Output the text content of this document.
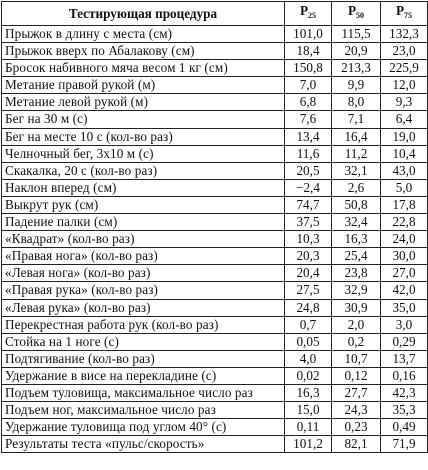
Тестирующая процедура	$P_{25}$	$P_{50}$	$P_{75}$
Прыжок в длину с места (см)	101,0	115,5	132,3
Прыжок вверх по Абалакову (см)	18,4	20,9	23,0
Бросок набивного мяча весом 1 кг (см)	150,8	213,3	225,9
Метание правой рукой (м)	7,0	9,9	12,0
Метание левой рукой (м)	6,8	8,0	9,3
Бег на 30 м (с)	7,6	7,1	6,4
Бег на месте 10 с (кол-во раз)	13,4	16,4	19,0
Челночный бег, 3x10 м (с)	11,6	11,2	10,4
Скакалка, 20 с (кол-во раз)	20,5	32,1	43,0
Наклон вперед (см)	−2,4	2,6	5,0
Выкрут рук (см)	74,7	50,8	17,8
Падение палки (см)	37,5	32,4	22,8
«Квадрат» (кол-во раз)	10,3	16,3	24,0
«Правая нога» (кол-во раз)	20,3	25,4	30,0
«Левая нога» (кол-во раз)	20,4	23,8	27,0
«Правая рука» (кол-во раз)	27,5	32,9	42,0
«Левая рука» (кол-во раз)	24,8	30,9	35,0
Перекрестная работа рук (кол-во раз)	0,7	2,0	3,0
Стойка на 1 ноге (с)	0,05	0,2	0,29
Подтягивание (кол-во раз)	4,0	10,7	13,7
Удержание в висе на перекладине (с)	0,02	0,12	0,16
Подъем туловища, максимальное число раз	16,3	27,7	42,3
Подъем ног, максимальное число раз	15,0	24,3	35,3
Удержание туловища под углом 40° (с)	0,11	0,23	0,49
Результаты теста «пульс/скорость»	101,2	82,1	71,9
